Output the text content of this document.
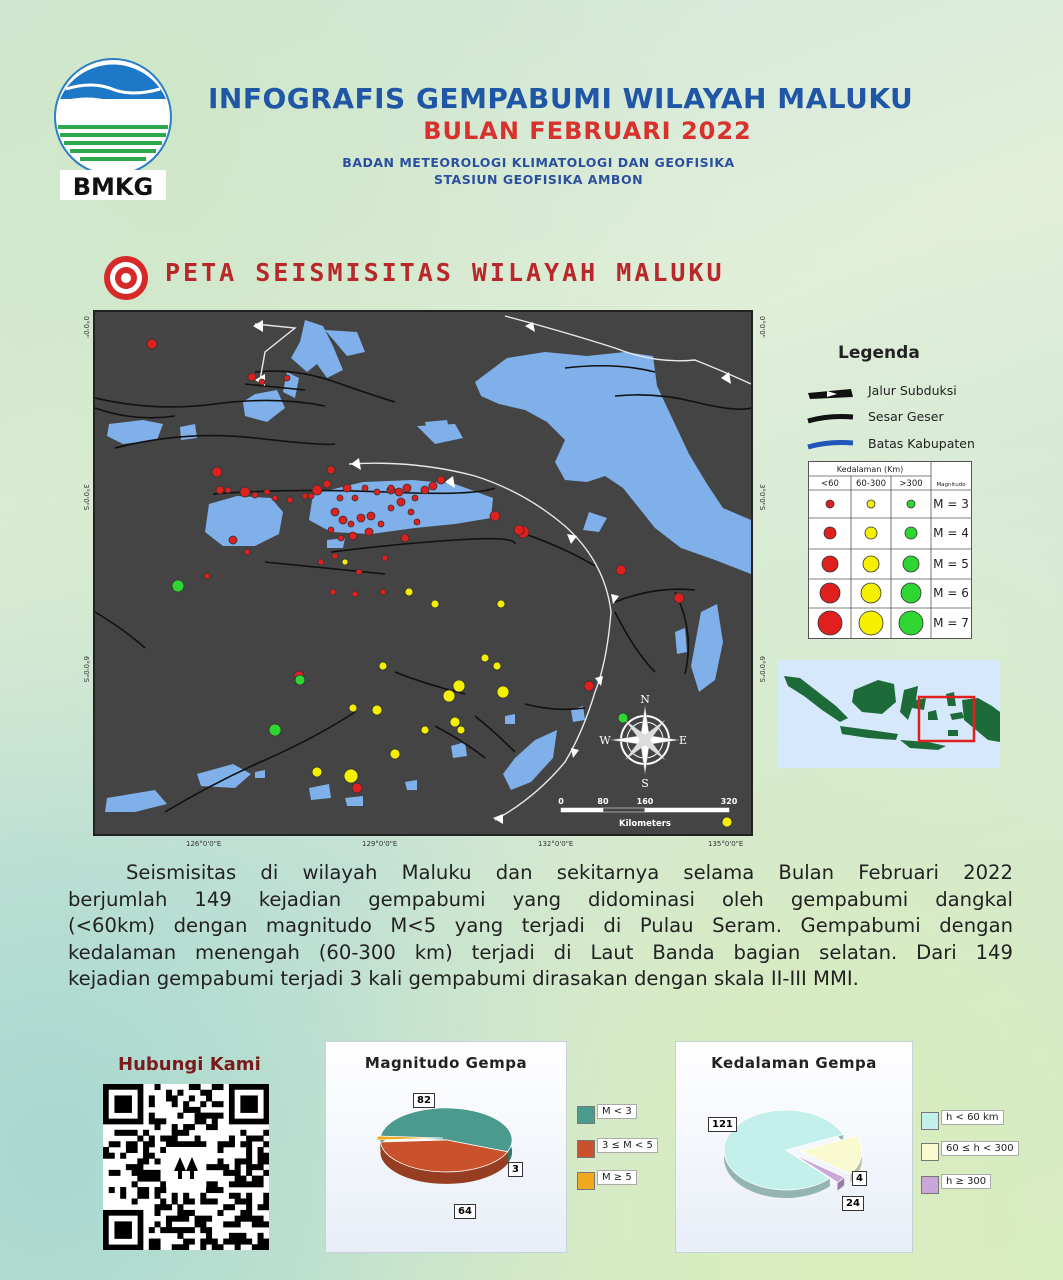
BMKG
INFOGRAFIS GEMPABUMI WILAYAH MALUKU
BULAN FEBRUARI 2022
BADAN METEOROLOGI KLIMATOLOGI DAN GEOFISIKA
STASIUN GEOFISIKA AMBON
PETA SEISMISITAS WILAYAH MALUKU
N
S
E
W
0	80	160	320
Kilometers
0°0'0"
3°0'0"S
6°0'0"S
0°0'0"
3°0'0"S
6°0'0"S
126°0'0"E	129°0'0"E	132°0'0"E	135°0'0"E
Legenda
Jalur Subduksi
Sesar Geser
Batas Kabupaten
Kedalaman (Km)
Magnitudo
<60 60-300 >300
M = 3
M = 4
M = 5
M = 6
M = 7
Seismisitas di wilayah Maluku dan sekitarnya selama Bulan Februari 2022
berjumlah 149 kejadian gempabumi yang didominasi oleh gempabumi dangkal
(<60km) dengan magnitudo M<5 yang terjadi di Pulau Seram. Gempabumi dengan
kedalaman menengah (60-300 km) terjadi di Laut Banda bagian selatan. Dari 149
kejadian gempabumi terjadi 3 kali gempabumi dirasakan dengan skala II-III MMI.
Hubungi Kami	Magnitudo Gempa
82
3
64
M < 3
3 ≤ M < 5
M ≥ 5
Kedalaman Gempa
121
4
24
h < 60 km
60 ≤ h < 300
h ≥ 300
